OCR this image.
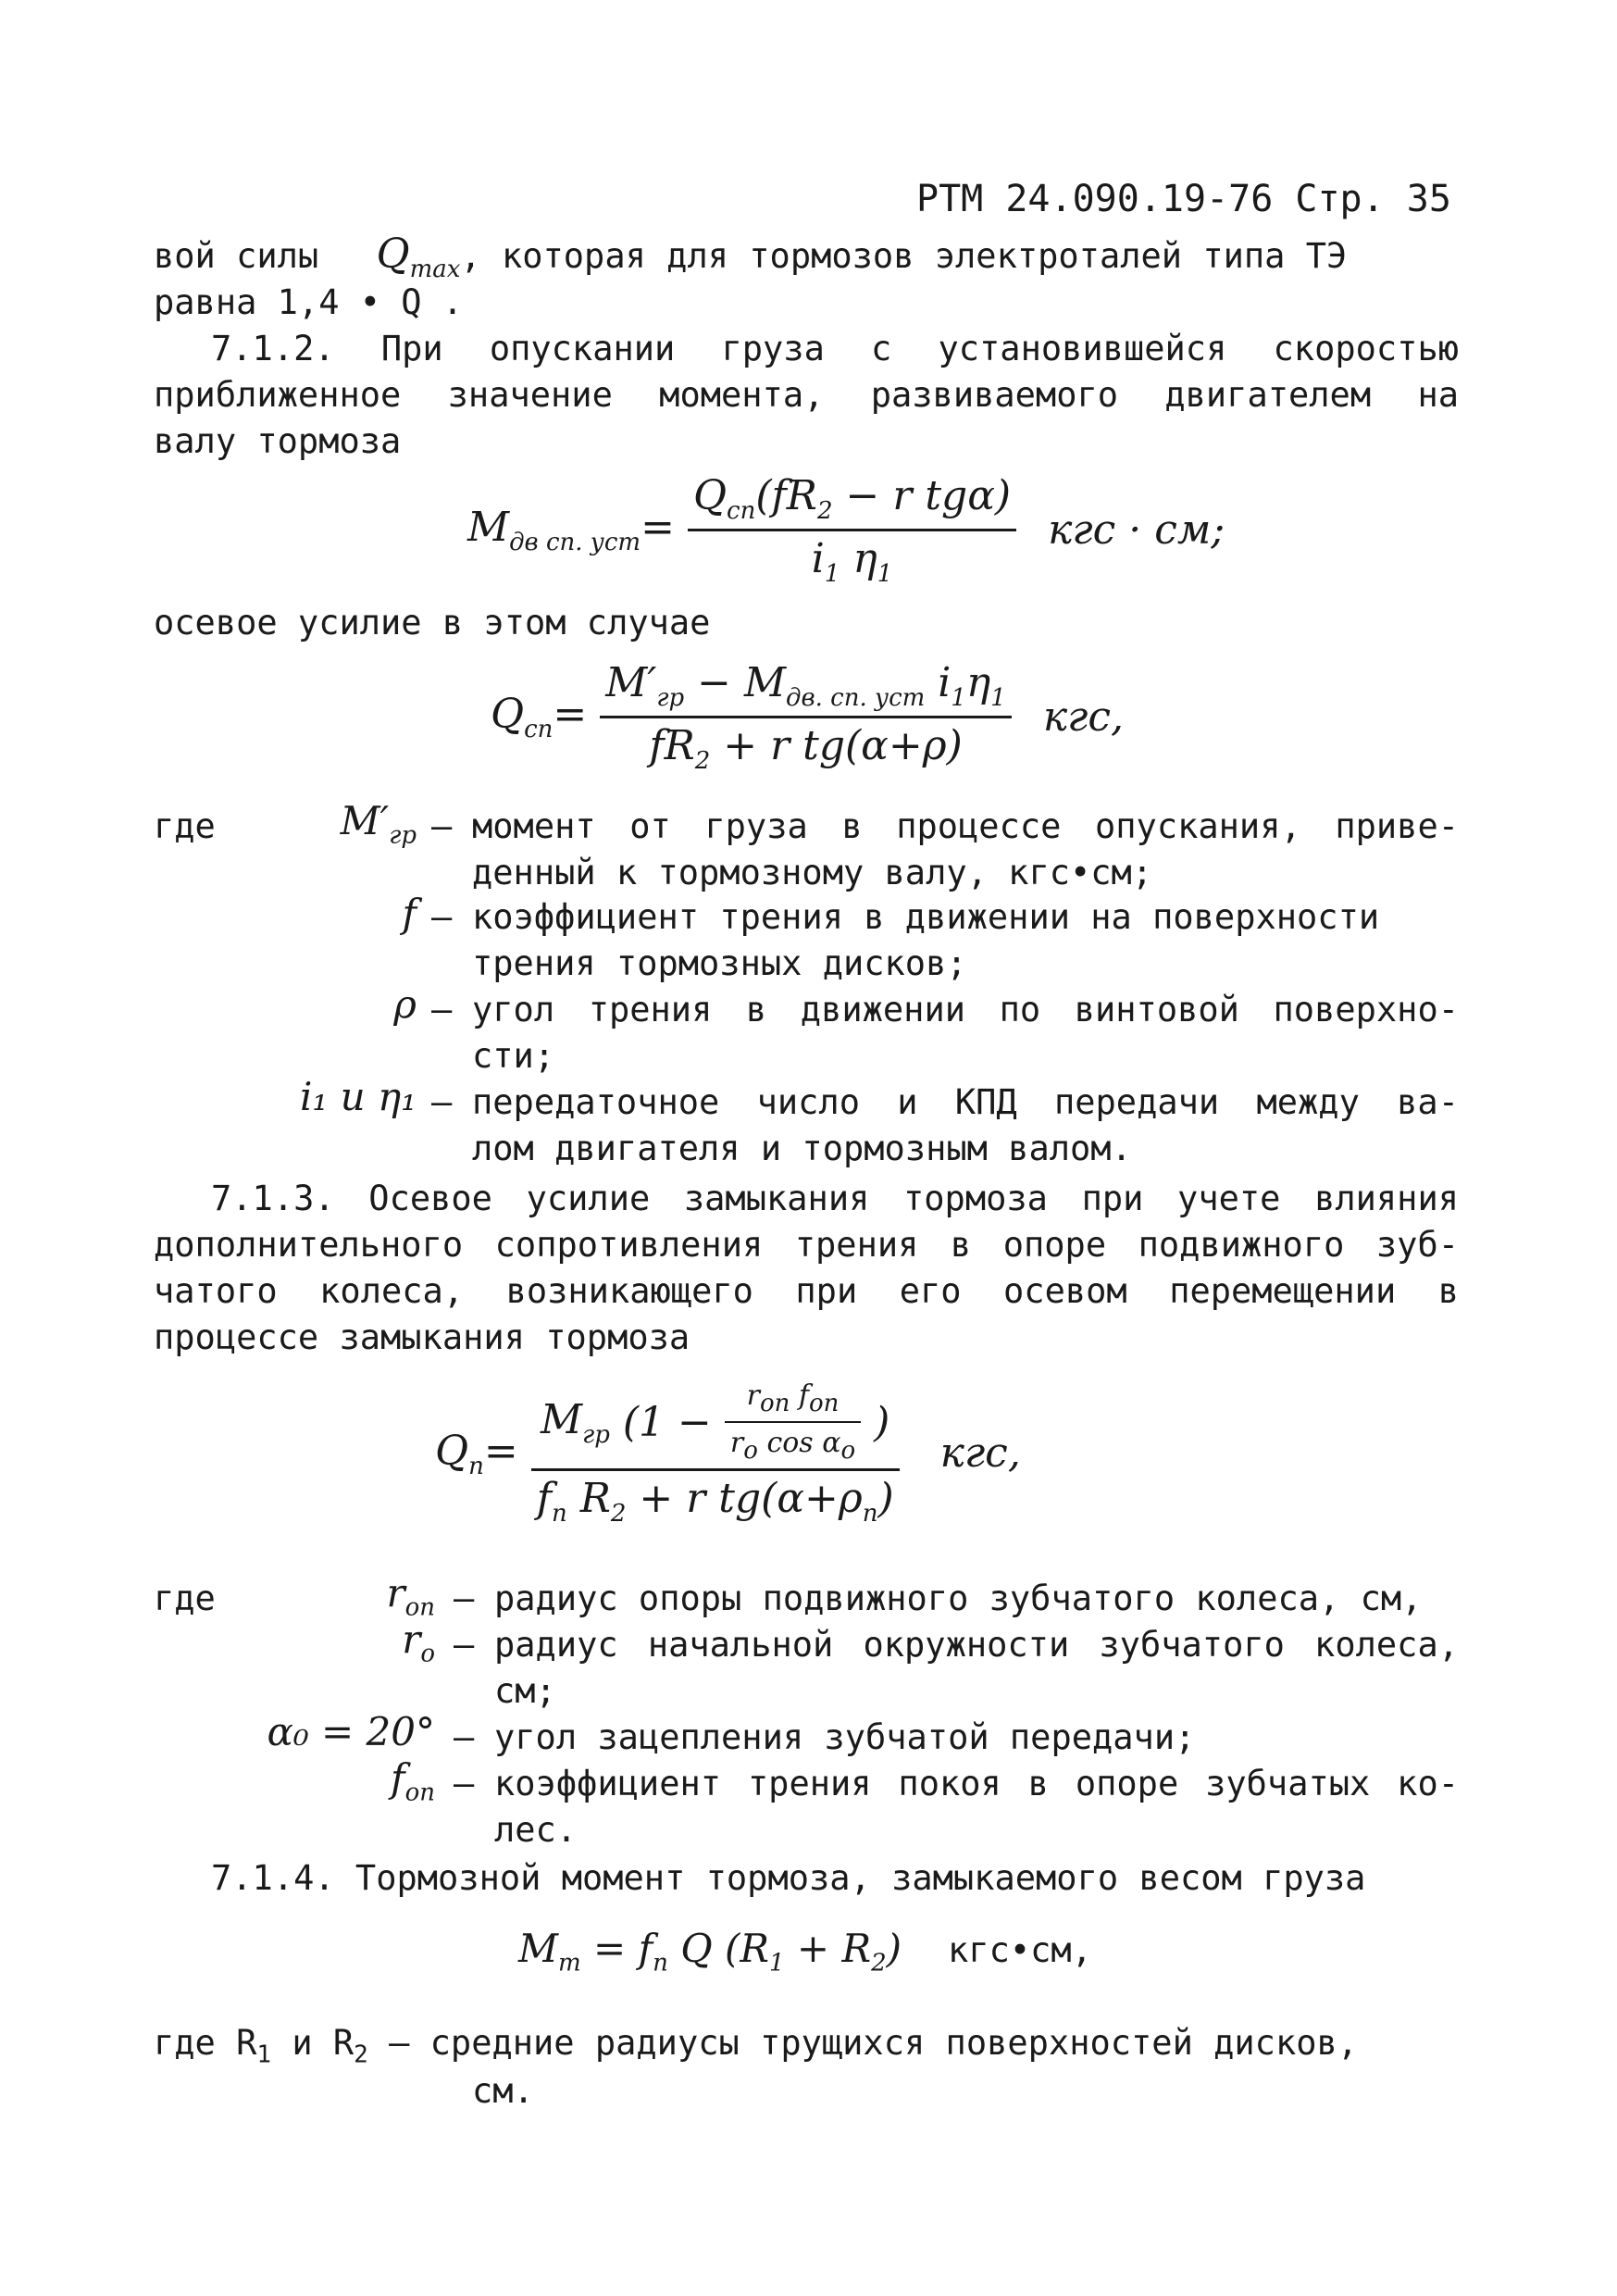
РТМ 24.090.19-76 Стр. 35
вой силы $Q_{max}$, которая для тормозов электроталей типа ТЭ
равна 1,4 • Q .
7.1.2. При опускании груза с установившейся скоростью
приближенное значение момента, развиваемого двигателем на
валу тормоза
$M_{дв сп. уст}= \frac{Q_{сп}(fR_2 - r tg\alpha)}{i_1 \eta_1}$ кгс · см;
осевое усилие в этом случае
$Q_{сп}= \frac{M'_{гр} - M_{дв. сп. уст} i_1\eta_1}{fR_2 + r tg(\alpha+\rho)}$ кгс,
где	$M'_{гр}$ – момент от груза в процессе опускания, приве-
денный к тормозному валу, кгс•см;
f – коэффициент трения в движении на поверхности
трения тормозных дисков;
ρ – угол трения в движении по винтовой поверхно-
сти;
i₁ и η₁ – передаточное число и КПД передачи между ва-
лом двигателя и тормозным валом.
7.1.3. Осевое усилие замыкания тормоза при учете влияния
дополнительного сопротивления трения в опоре подвижного зуб-
чатого колеса, возникающего при его осевом перемещении в
процессе замыкания тормоза
$Q_п=$
$M_{гр}$ ($1 - \frac{r_{оп} f_{оп}}{r_о \cos \alpha_о}$ )
$f_п$ $R_2 + r$ $tg(\alpha+\rho_п)$
кгс,
где	$r_{оп}$ – радиус опоры подвижного зубчатого колеса, см,
$r_о$ – радиус начальной окружности зубчатого колеса,
см;
α₀ = 20° – угол зацепления зубчатой передачи;
$f_{оп}$ – коэффициент трения покоя в опоре зубчатых ко-
лес.
7.1.4. Тормозной момент тормоза, замыкаемого весом груза
$M_т = f_п$ Q $(R_1 + R_2)$ кгс•см,
где $R_1$ и $R_2$ – средние радиусы трущихся поверхностей дисков,
см.
